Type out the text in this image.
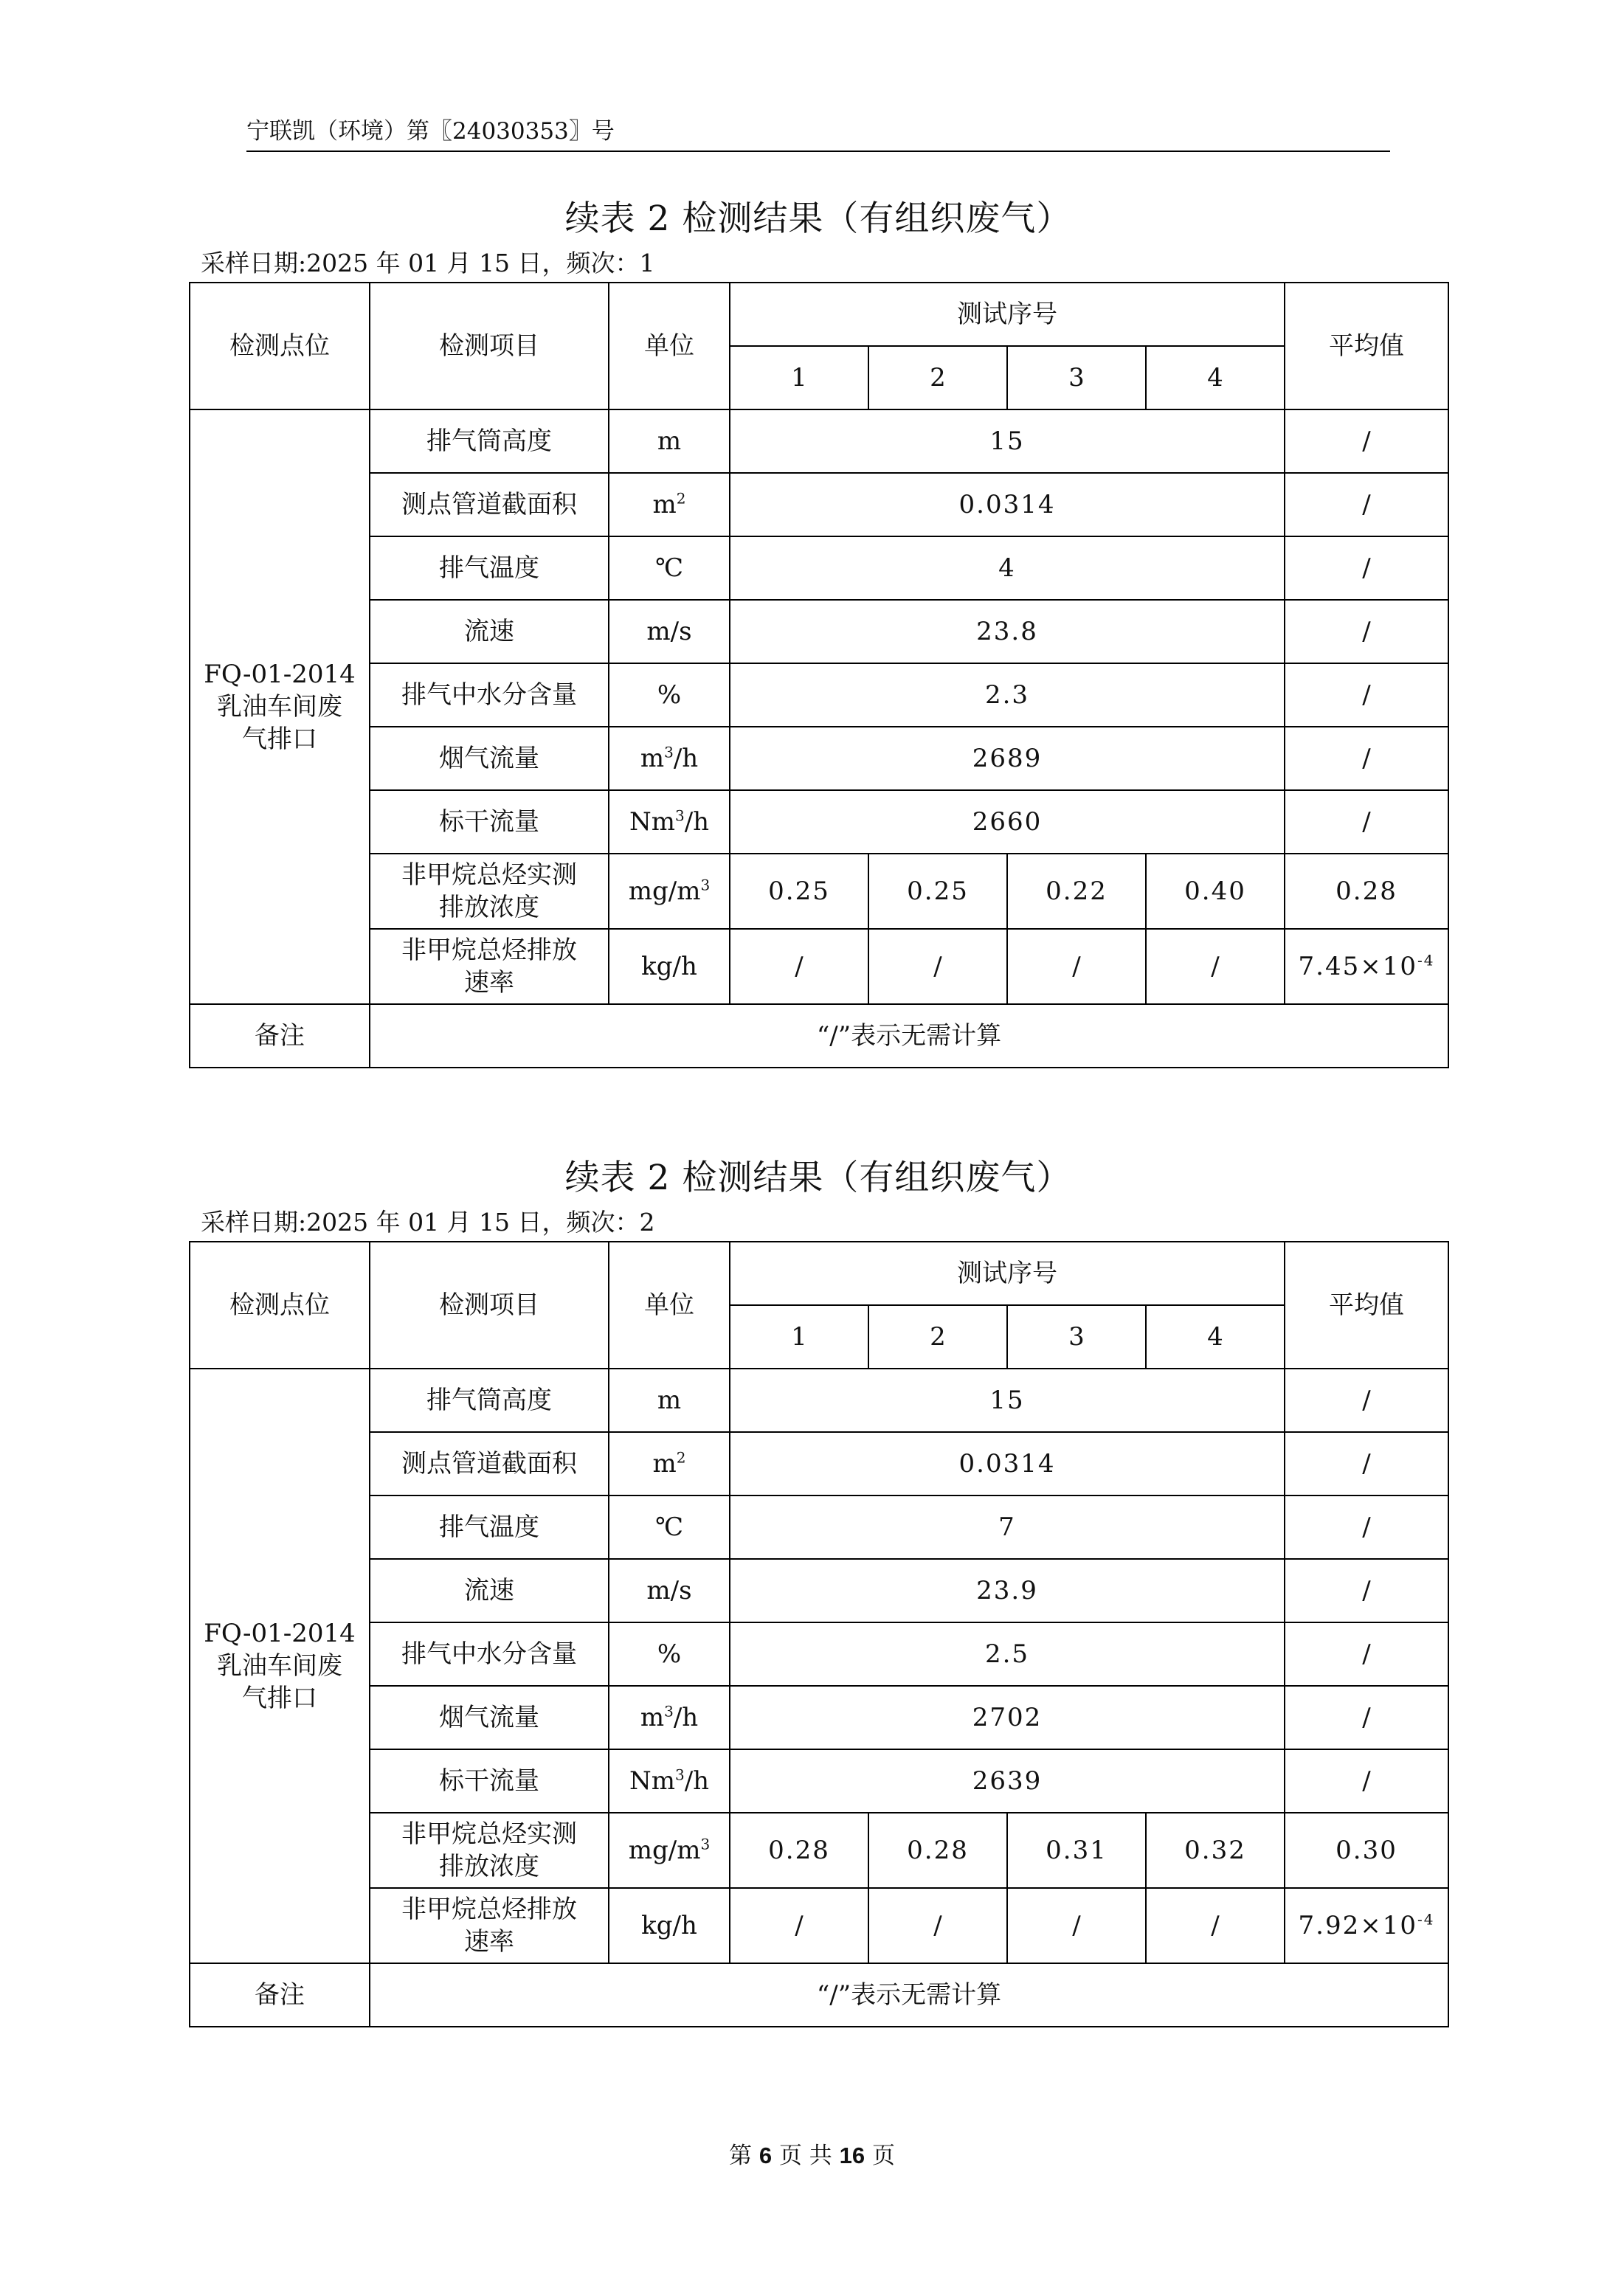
宁联凯（环境）第〖24030353〗号
续表 2 检测结果（有组织废气）
采样日期:2025 年 01 月 15 日，频次：1
检测点位	检测项目	单位	测试序号				平均值
			1	2	3	4	

FQ-01-2014
乳油车间废
气排口	排气筒高度	m	15				/
	测点管道截面积	$m^2$	0.0314				/
	排气温度	℃	4				/
	流速	m/s	23.8				/
	排气中水分含量	%	2.3				/
	烟气流量	$m^3/h$	2689				/
	标干流量	Nm$^3$/h	2660				/

	非甲烷总烃实测
排放浓度	$mg/m^3$	0.25	0.25	0.22	0.40	0.28

	非甲烷总烃排放
速率	kg/h	/	/	/	/	$7.45\times 10^{-4}$
备注	“/”表示无需计算						
续表 2 检测结果（有组织废气）
采样日期:2025 年 01 月 15 日，频次：2
检测点位	检测项目	单位	测试序号				平均值
			1	2	3	4	

FQ-01-2014
乳油车间废
气排口	排气筒高度	m	15				/
	测点管道截面积	$m^2$	0.0314				/
	排气温度	℃	7				/
	流速	m/s	23.9				/
	排气中水分含量	%	2.5				/
	烟气流量	$m^3/h$	2702				/
	标干流量	Nm$^3$/h	2639				/

	非甲烷总烃实测
排放浓度	$mg/m^3$	0.28	0.28	0.31	0.32	0.30

	非甲烷总烃排放
速率	kg/h	/	/	/	/	$7.92\times 10^{-4}$
备注	“/”表示无需计算						
第 6 页 共 16 页
